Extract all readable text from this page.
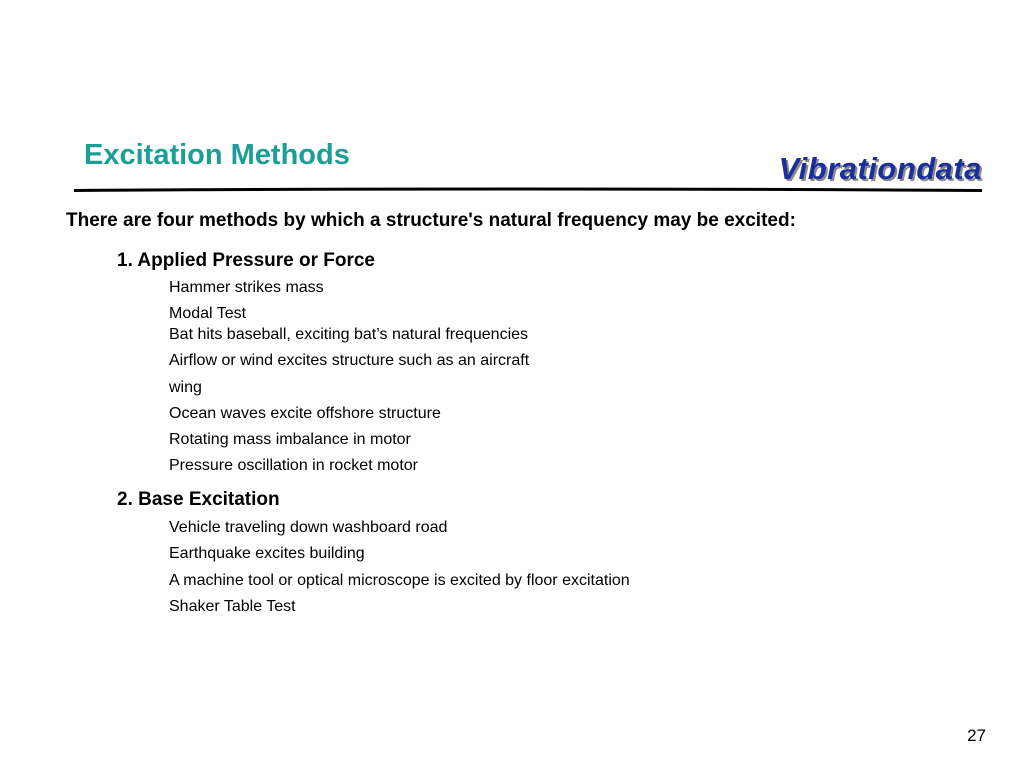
Excitation Methods	Vibrationdata
There are four methods by which a structure's natural frequency may be excited:
1. Applied Pressure or Force
Hammer strikes mass
Modal Test
Bat hits baseball, exciting bat’s natural frequencies
Airflow or wind excites structure such as an aircraft
wing
Ocean waves excite offshore structure
Rotating mass imbalance in motor
Pressure oscillation in rocket motor
2. Base Excitation
Vehicle traveling down washboard road
Earthquake excites building
A machine tool or optical microscope is excited by floor excitation
Shaker Table Test
27
